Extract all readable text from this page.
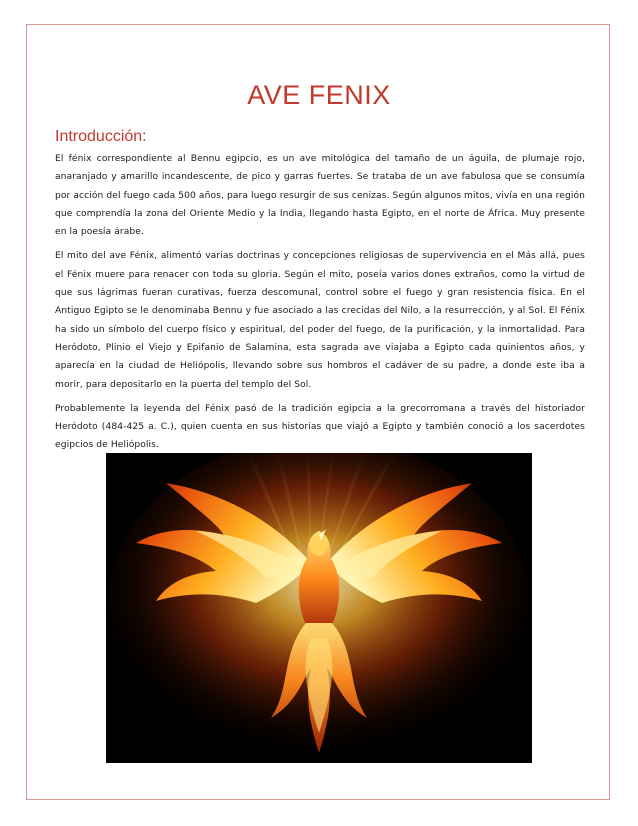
AVE FENIX
Introducción:

El fénix correspondiente al Bennu egipcio, es un ave mitológica del tamaño de un águila, de plumaje rojo, anaranjado y amarillo incandescente, de pico y garras fuertes. Se trataba de un ave fabulosa que se consumía por acción del fuego cada 500 años, para luego resurgir de sus cenizas. Según algunos mitos, vivía en una región que comprendía la zona del Oriente Medio y la India, llegando hasta Egipto, en el norte de África. Muy presente en la poesía árabe.

El mito del ave Fénix, alimentó varias doctrinas y concepciones religiosas de supervivencia en el Más allá, pues el Fénix muere para renacer con toda su gloria. Según el mito, poseía varios dones extraños, como la virtud de que sus lágrimas fueran curativas, fuerza descomunal, control sobre el fuego y gran resistencia física. En el Antiguo Egipto se le denominaba Bennu y fue asociado a las crecidas del Nilo, a la resurrección, y al Sol. El Fénix ha sido un símbolo del cuerpo físico y espiritual, del poder del fuego, de la purificación, y la inmortalidad. Para Heródoto, Plinio el Viejo y Epifanio de Salamina, esta sagrada ave viajaba a Egipto cada quinientos años, y aparecía en la ciudad de Heliópolis, llevando sobre sus hombros el cadáver de su padre, a donde este iba a morir, para depositarlo en la puerta del templo del Sol.

Probablemente la leyenda del Fénix pasó de la tradición egipcia a la grecorromana a través del historiador Heródoto (484-425 a. C.), quien cuenta en sus historias que viajó a Egipto y también conoció a los sacerdotes egipcios de Heliópolis.
